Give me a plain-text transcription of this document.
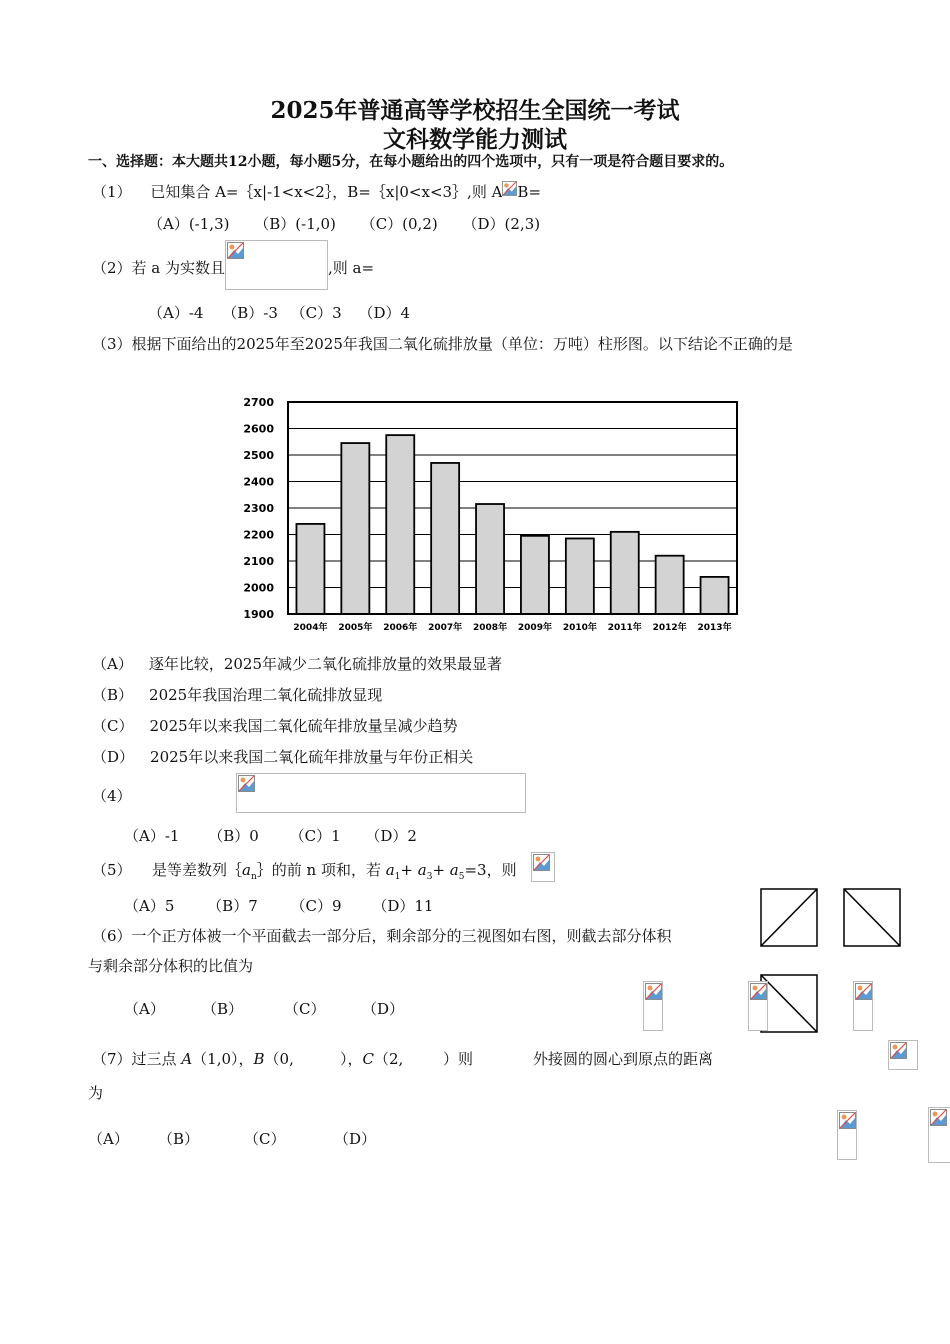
2025年普通高等学校招生全国统一考试
文科数学能力测试
一、选择题：本大题共12小题，每小题5分，在每小题给出的四个选项中，只有一项是符合题目要求的。
（1） 已知集合 A=｛x|-1<x<2｝，B=｛x|0<x<3｝,则 A B=
（A）(-1,3) （B）(-1,0) （C）(0,2) （D）(2,3)
（2）若 a 为实数且
	,则 a=
（A）-4 （B）-3 （C）3 （D）4
（3）根据下面给出的2025年至2025年我国二氧化硫排放量（单位：万吨）柱形图。以下结论不正确的是
1900
2000
2100
2200
2300
2400
2500
2600
2700
2004年 2005年 2006年 2007年 2008年 2009年 2010年 2011年 2012年 2013年
（A） 逐年比较，2025年减少二氧化硫排放量的效果最显著
（B） 2025年我国治理二氧化硫排放显现
（C） 2025年以来我国二氧化硫年排放量呈减少趋势
（D） 2025年以来我国二氧化硫年排放量与年份正相关
（4）

（A）-1 （B）0 （C）1 （D）2
（5）
是等差数列$\{a_n\}$的前 n 项和，若 $a_1+ a_3+ a_5=3$，则

（A）5 （B）7 （C）9 （D）11
（6）一个正方体被一个平面截去一部分后，剩余部分的三视图如右图，则截去部分体积
与剩余部分体积的比值为
（A）
（B）
	（C）
（D）

（7）过三点 A（1,0），B（0,
	），C（2,
	）则
	外接圆的圆心到原点的距离
为
（A）
（B）
	（C）
	（D）
